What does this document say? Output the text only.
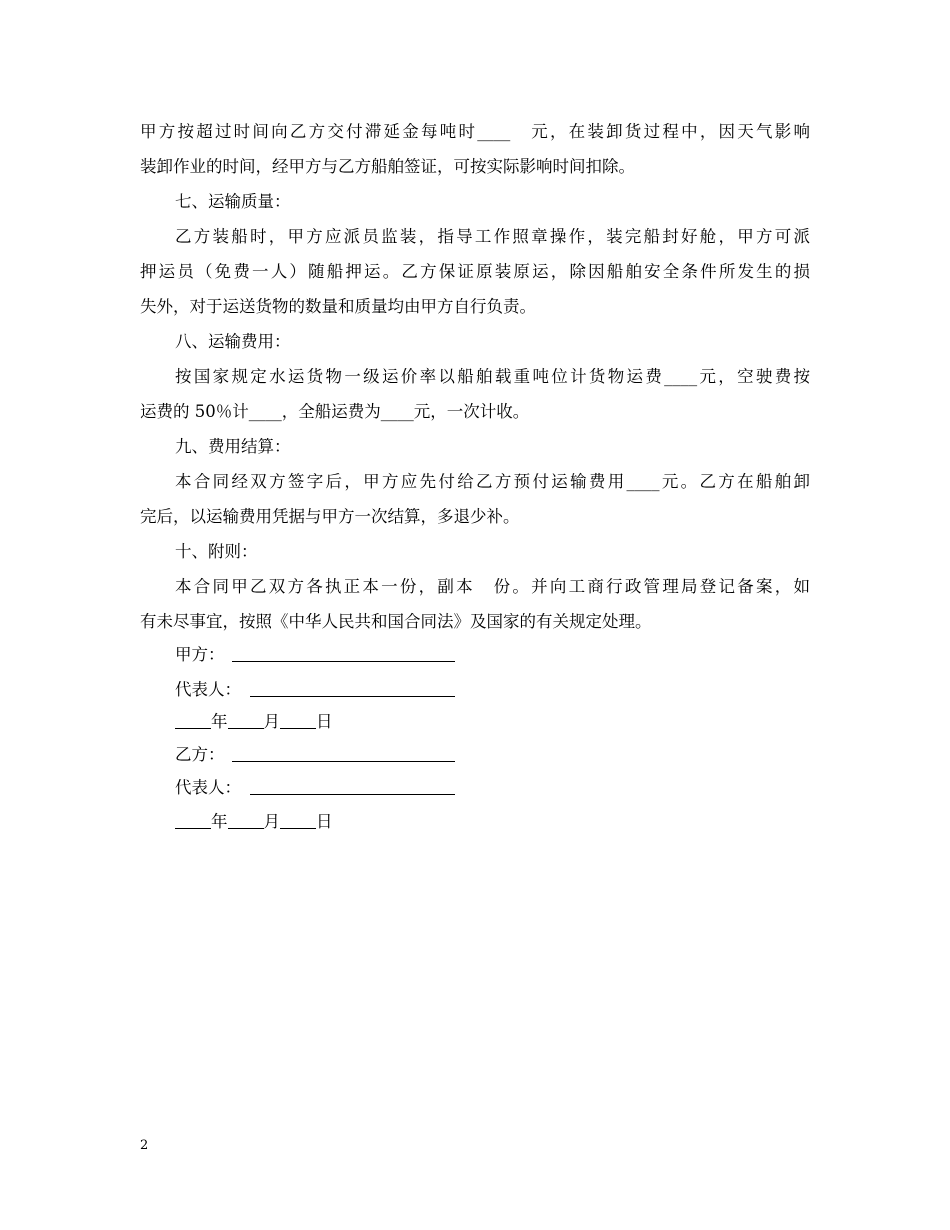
甲方按超过时间向乙方交付滞延金每吨时____　元，在装卸货过程中，因天气影响
装卸作业的时间，经甲方与乙方船舶签证，可按实际影响时间扣除。
七、运输质量：
乙方装船时，甲方应派员监装，指导工作照章操作，装完船封好舱，甲方可派
押运员（免费一人）随船押运。乙方保证原装原运，除因船舶安全条件所发生的损
失外，对于运送货物的数量和质量均由甲方自行负责。
八、运输费用：
按国家规定水运货物一级运价率以船舶载重吨位计货物运费____元，空驶费按
运费的 50％计____，全船运费为____元，一次计收。
九、费用结算：
本合同经双方签字后，甲方应先付给乙方预付运输费用____元。乙方在船舶卸
完后，以运输费用凭据与甲方一次结算，多退少补。
十、附则：
本合同甲乙双方各执正本一份，副本　份。并向工商行政管理局登记备案，如
有未尽事宜，按照《中华人民共和国合同法》及国家的有关规定处理。
甲方：
代表人：
年 月 日
乙方：
代表人：
年 月 日
2
